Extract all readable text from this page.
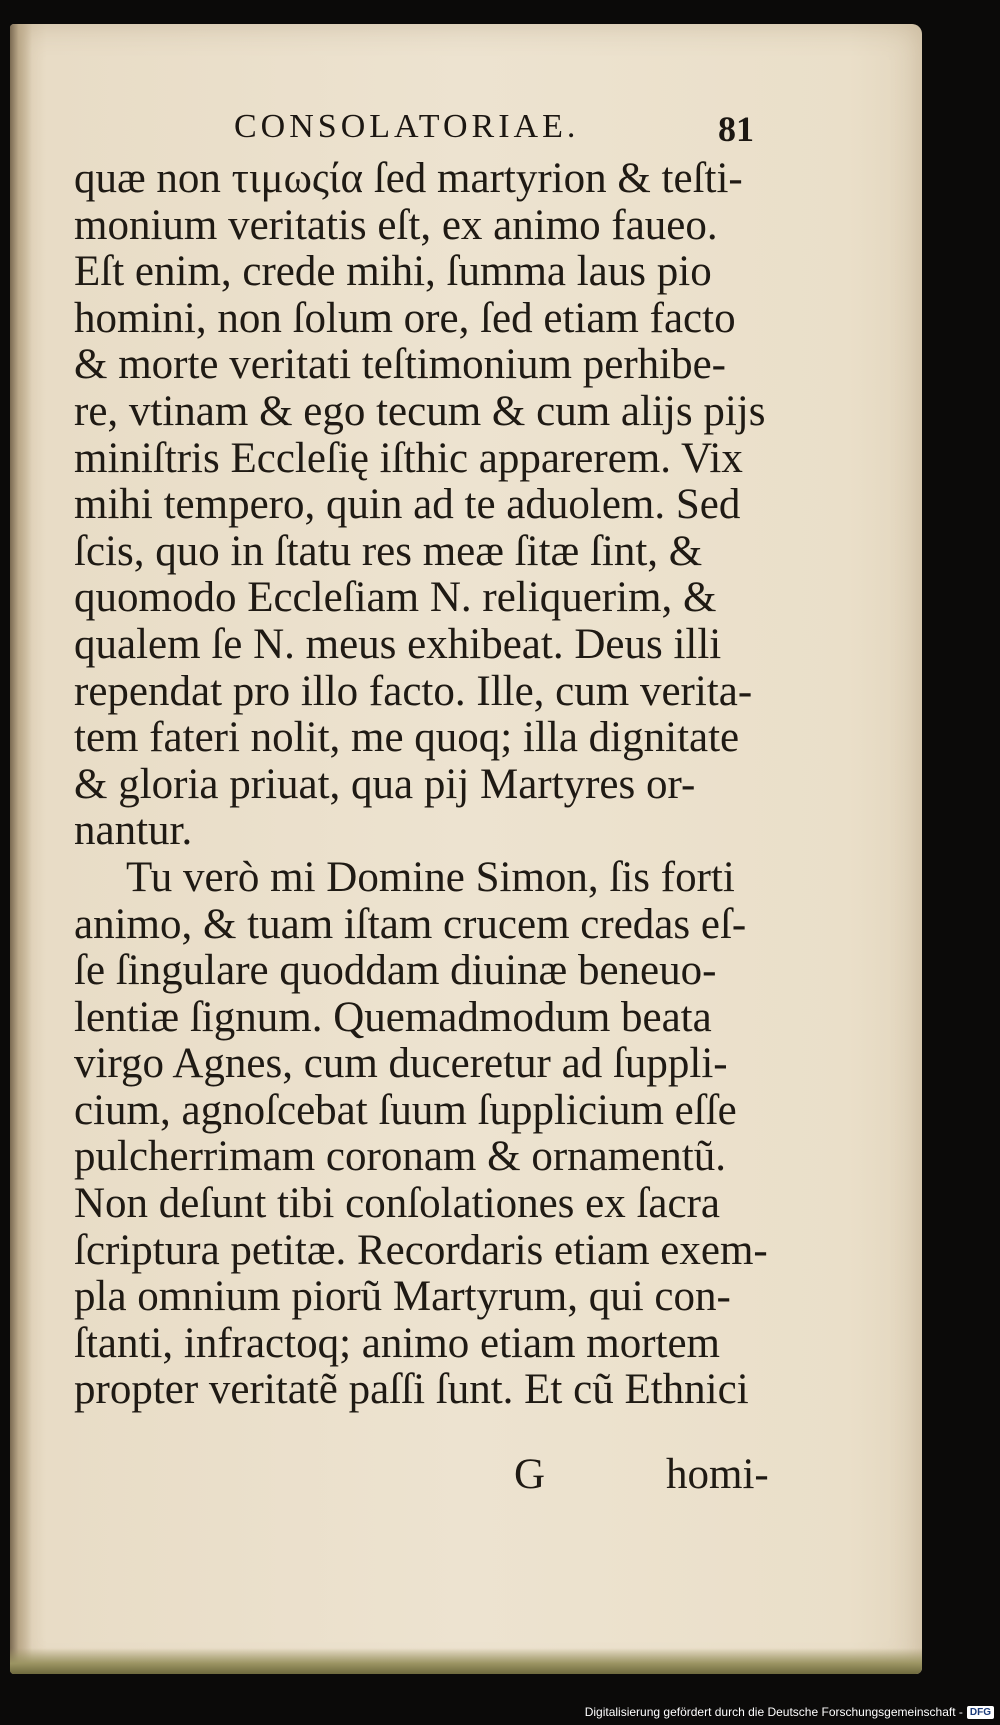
CONSOLATORIAE.	81
quæ non τιμωςία ſed martyrion & teſti-
monium veritatis eſt, ex animo faueo.
Eſt enim, crede mihi, ſumma laus pio
homini, non ſolum ore, ſed etiam facto
& morte veritati teſtimonium perhibe-
re, vtinam & ego tecum & cum alijs pijs
miniſtris Eccleſię iſthic apparerem. Vix
mihi tempero, quin ad te aduolem. Sed
ſcis, quo in ſtatu res meæ ſitæ ſint, &
quomodo Eccleſiam N. reliquerim, &
qualem ſe N. meus exhibeat. Deus illi
rependat pro illo facto. Ille, cum verita-
tem fateri nolit, me quoq; illa dignitate
& gloria priuat, qua pij Martyres or-
nantur.
Tu verò mi Domine Simon, ſis forti
animo, & tuam iſtam crucem credas eſ-
ſe ſingulare quoddam diuinæ beneuo-
lentiæ ſignum. Quemadmodum beata
virgo Agnes, cum duceretur ad ſuppli-
cium, agnoſcebat ſuum ſupplicium eſſe
pulcherrimam coronam & ornamentũ.
Non deſunt tibi conſolationes ex ſacra
ſcriptura petitæ. Recordaris etiam exem-
pla omnium piorũ Martyrum, qui con-
ſtanti, infractoq; animo etiam mortem
propter veritatẽ paſſi ſunt. Et cũ Ethnici
G	homi-
Digitalisierung gefördert durch die Deutsche Forschungsgemeinschaft - DFG
